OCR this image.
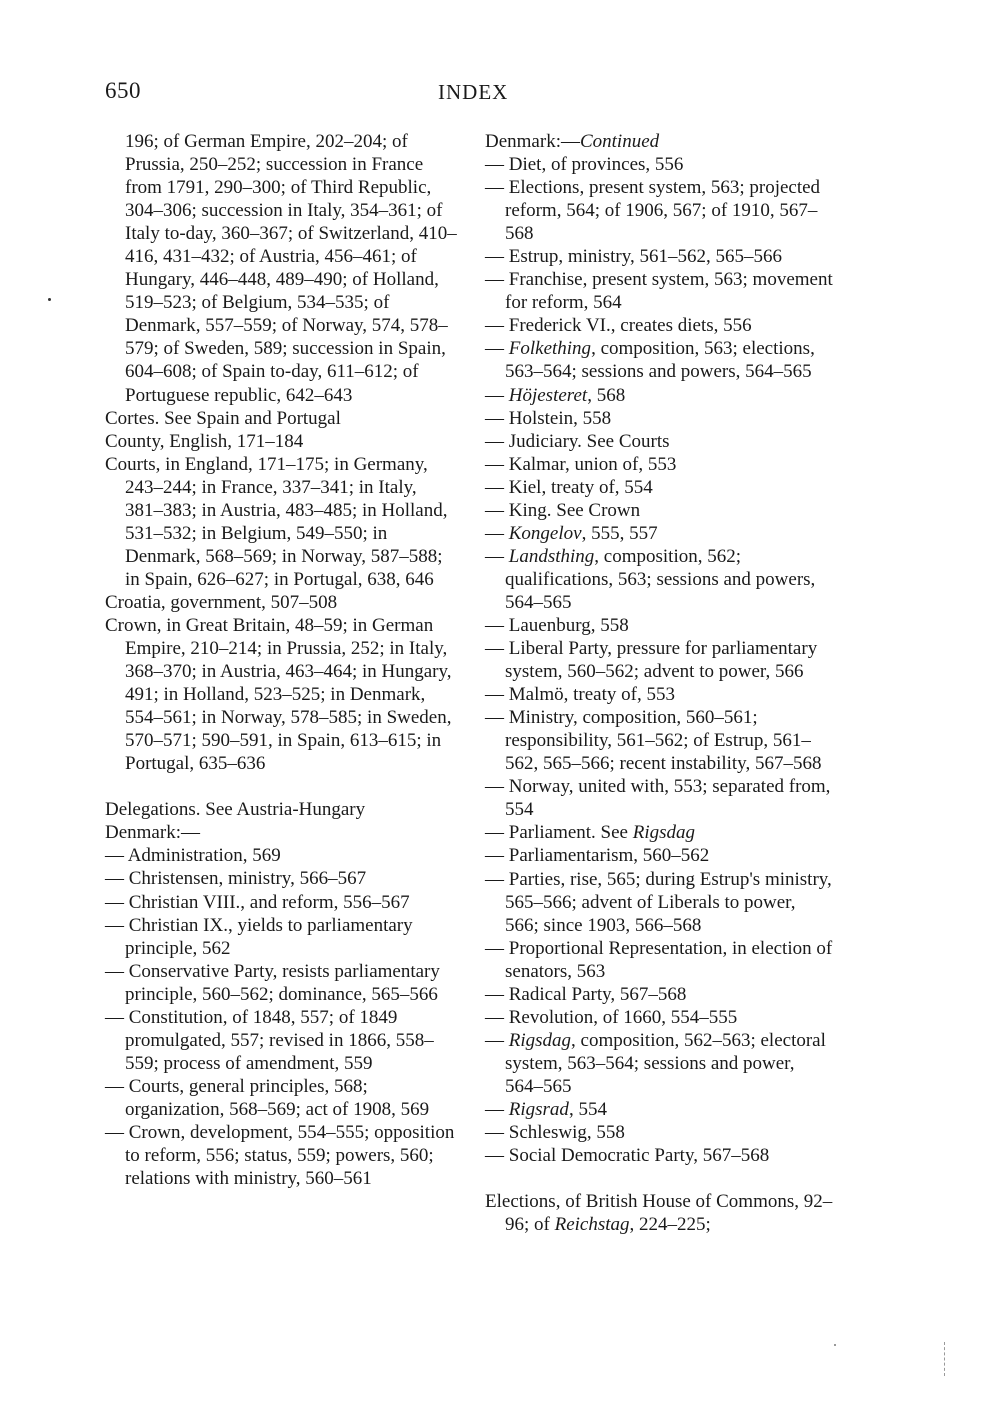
650	INDEX
196; of German Empire, 202–204; of Prussia, 250–252; succession in France from 1791, 290–300; of Third Republic, 304–306; succession in Italy, 354–361; of Italy to-day, 360–367; of Switzerland, 410–416, 431–432; of Austria, 456–461; of Hungary, 446–448, 489–490; of Holland, 519–523; of Belgium, 534–535; of Denmark, 557–559; of Norway, 574, 578–579; of Sweden, 589; succession in Spain, 604–608; of Spain to-day, 611–612; of Portuguese republic, 642–643
Cortes. See Spain and Portugal
County, English, 171–184
Courts, in England, 171–175; in Germany, 243–244; in France, 337–341; in Italy, 381–383; in Austria, 483–485; in Holland, 531–532; in Belgium, 549–550; in Denmark, 568–569; in Norway, 587–588; in Spain, 626–627; in Portugal, 638, 646
Croatia, government, 507–508
Crown, in Great Britain, 48–59; in German Empire, 210–214; in Prussia, 252; in Italy, 368–370; in Austria, 463–464; in Hungary, 491; in Holland, 523–525; in Denmark, 554–561; in Norway, 578–585; in Sweden, 570–571; 590–591, in Spain, 613–615; in Portugal, 635–636
Delegations. See Austria-Hungary
Denmark:—
— Administration, 569
— Christensen, ministry, 566–567
— Christian VIII., and reform, 556–567
— Christian IX., yields to parliamentary principle, 562
— Conservative Party, resists parliamentary principle, 560–562; dominance, 565–566
— Constitution, of 1848, 557; of 1849 promulgated, 557; revised in 1866, 558–559; process of amendment, 559
— Courts, general principles, 568; organization, 568–569; act of 1908, 569
— Crown, development, 554–555; opposition to reform, 556; status, 559; powers, 560; relations with ministry, 560–561
Denmark:—Continued
— Diet, of provinces, 556
— Elections, present system, 563; projected reform, 564; of 1906, 567; of 1910, 567–568
— Estrup, ministry, 561–562, 565–566
— Franchise, present system, 563; movement for reform, 564
— Frederick VI., creates diets, 556
— Folkething, composition, 563; elections, 563–564; sessions and powers, 564–565
— Höjesteret, 568
— Holstein, 558
— Judiciary. See Courts
— Kalmar, union of, 553
— Kiel, treaty of, 554
— King. See Crown
— Kongelov, 555, 557
— Landsthing, composition, 562; qualifications, 563; sessions and powers, 564–565
— Lauenburg, 558
— Liberal Party, pressure for parliamentary system, 560–562; advent to power, 566
— Malmö, treaty of, 553
— Ministry, composition, 560–561; responsibility, 561–562; of Estrup, 561–562, 565–566; recent instability, 567–568
— Norway, united with, 553; separated from, 554
— Parliament. See Rigsdag
— Parliamentarism, 560–562
— Parties, rise, 565; during Estrup's ministry, 565–566; advent of Liberals to power, 566; since 1903, 566–568
— Proportional Representation, in election of senators, 563
— Radical Party, 567–568
— Revolution, of 1660, 554–555
— Rigsdag, composition, 562–563; electoral system, 563–564; sessions and power, 564–565
— Rigsrad, 554
— Schleswig, 558
— Social Democratic Party, 567–568
Elections, of British House of Commons, 92–96; of Reichstag, 224–225;
